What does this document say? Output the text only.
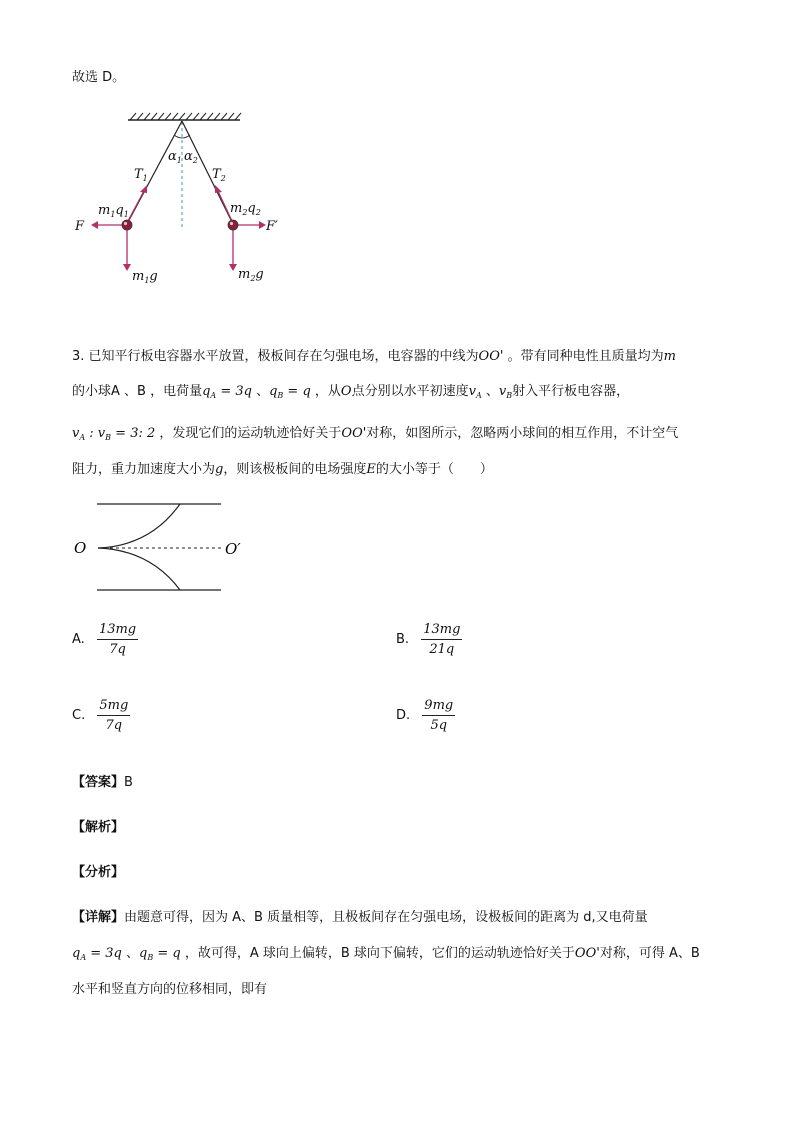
故选 D。
$T_1$	$T_2$
$\alpha_1$ $\alpha_2$
$m_1q_1$	$m_2q_2$
F	F′
$m_1g$	$m_2g$
3. 已知平行板电容器水平放置，极板间存在匀强电场，电容器的中线为OO' 。带有同种电性且质量均为m
的小球A 、B ，电荷量$q_A = 3q$ 、$q_B = q$ ，从O点分别以水平初速度$v_A$ 、$v_B$射入平行板电容器，
$v_A$ : $v_B = 3$: 2 ，发现它们的运动轨迹恰好关于OO'对称，如图所示，忽略两小球间的相互作用，不计空气
阻力，重力加速度大小为g，则该极板间的电场强度E的大小等于（　　）
O	O′
A. $\frac{13mg}{7q}$	B. $\frac{13mg}{21q}$
C. $\frac{5mg}{7q}$	D. $\frac{9mg}{5q}$
【答案】B
【解析】
【分析】
【详解】由题意可得，因为 A、B 质量相等，且极板间存在匀强电场，设极板间的距离为 d,又电荷量
$q_A = 3q$ 、$q_B = q$ ，故可得，A 球向上偏转，B 球向下偏转，它们的运动轨迹恰好关于OO'对称，可得 A、B
水平和竖直方向的位移相同，即有
